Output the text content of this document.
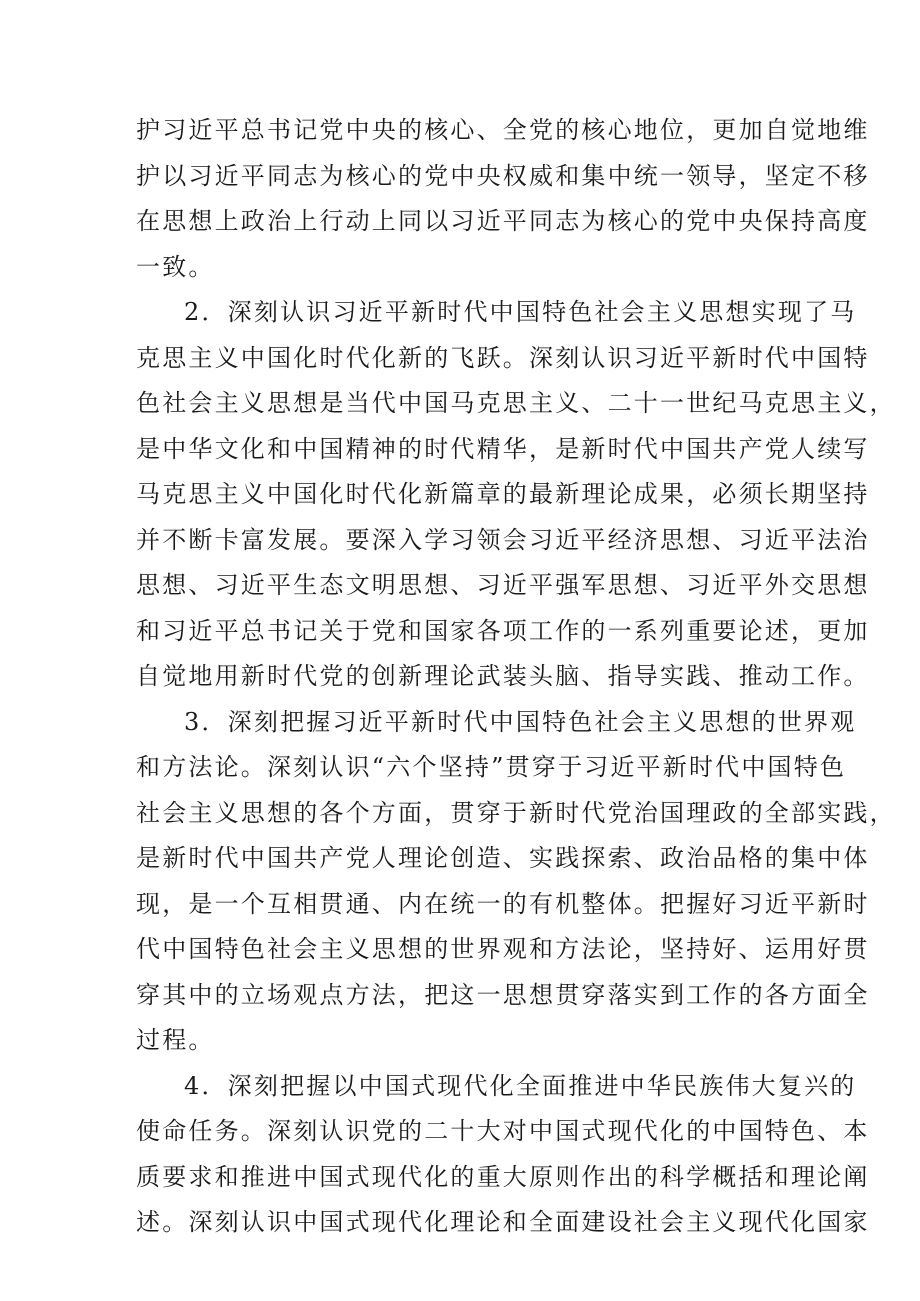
护习近平总书记党中央的核心、全党的核心地位，更加自觉地维
护以习近平同志为核心的党中央权威和集中统一领导，坚定不移
在思想上政治上行动上同以习近平同志为核心的党中央保持高度
一致。

2．深刻认识习近平新时代中国特色社会主义思想实现了马
克思主义中国化时代化新的飞跃。深刻认识习近平新时代中国特
色社会主义思想是当代中国马克思主义、二十一世纪马克思主义，
是中华文化和中国精神的时代精华，是新时代中国共产党人续写
马克思主义中国化时代化新篇章的最新理论成果，必须长期坚持
并不断卡富发展。要深入学习领会习近平经济思想、习近平法治
思想、习近平生态文明思想、习近平强军思想、习近平外交思想
和习近平总书记关于党和国家各项工作的一系列重要论述，更加
自觉地用新时代党的创新理论武装头脑、指导实践、推动工作。

3．深刻把握习近平新时代中国特色社会主义思想的世界观
和方法论。深刻认识“六个坚持”贯穿于习近平新时代中国特色
社会主义思想的各个方面，贯穿于新时代党治国理政的全部实践，
是新时代中国共产党人理论创造、实践探索、政治品格的集中体
现，是一个互相贯通、内在统一的有机整体。把握好习近平新时
代中国特色社会主义思想的世界观和方法论，坚持好、运用好贯
穿其中的立场观点方法，把这一思想贯穿落实到工作的各方面全
过程。

4．深刻把握以中国式现代化全面推进中华民族伟大复兴的
使命任务。深刻认识党的二十大对中国式现代化的中国特色、本
质要求和推进中国式现代化的重大原则作出的科学概括和理论阐
述。深刻认识中国式现代化理论和全面建设社会主义现代化国家
